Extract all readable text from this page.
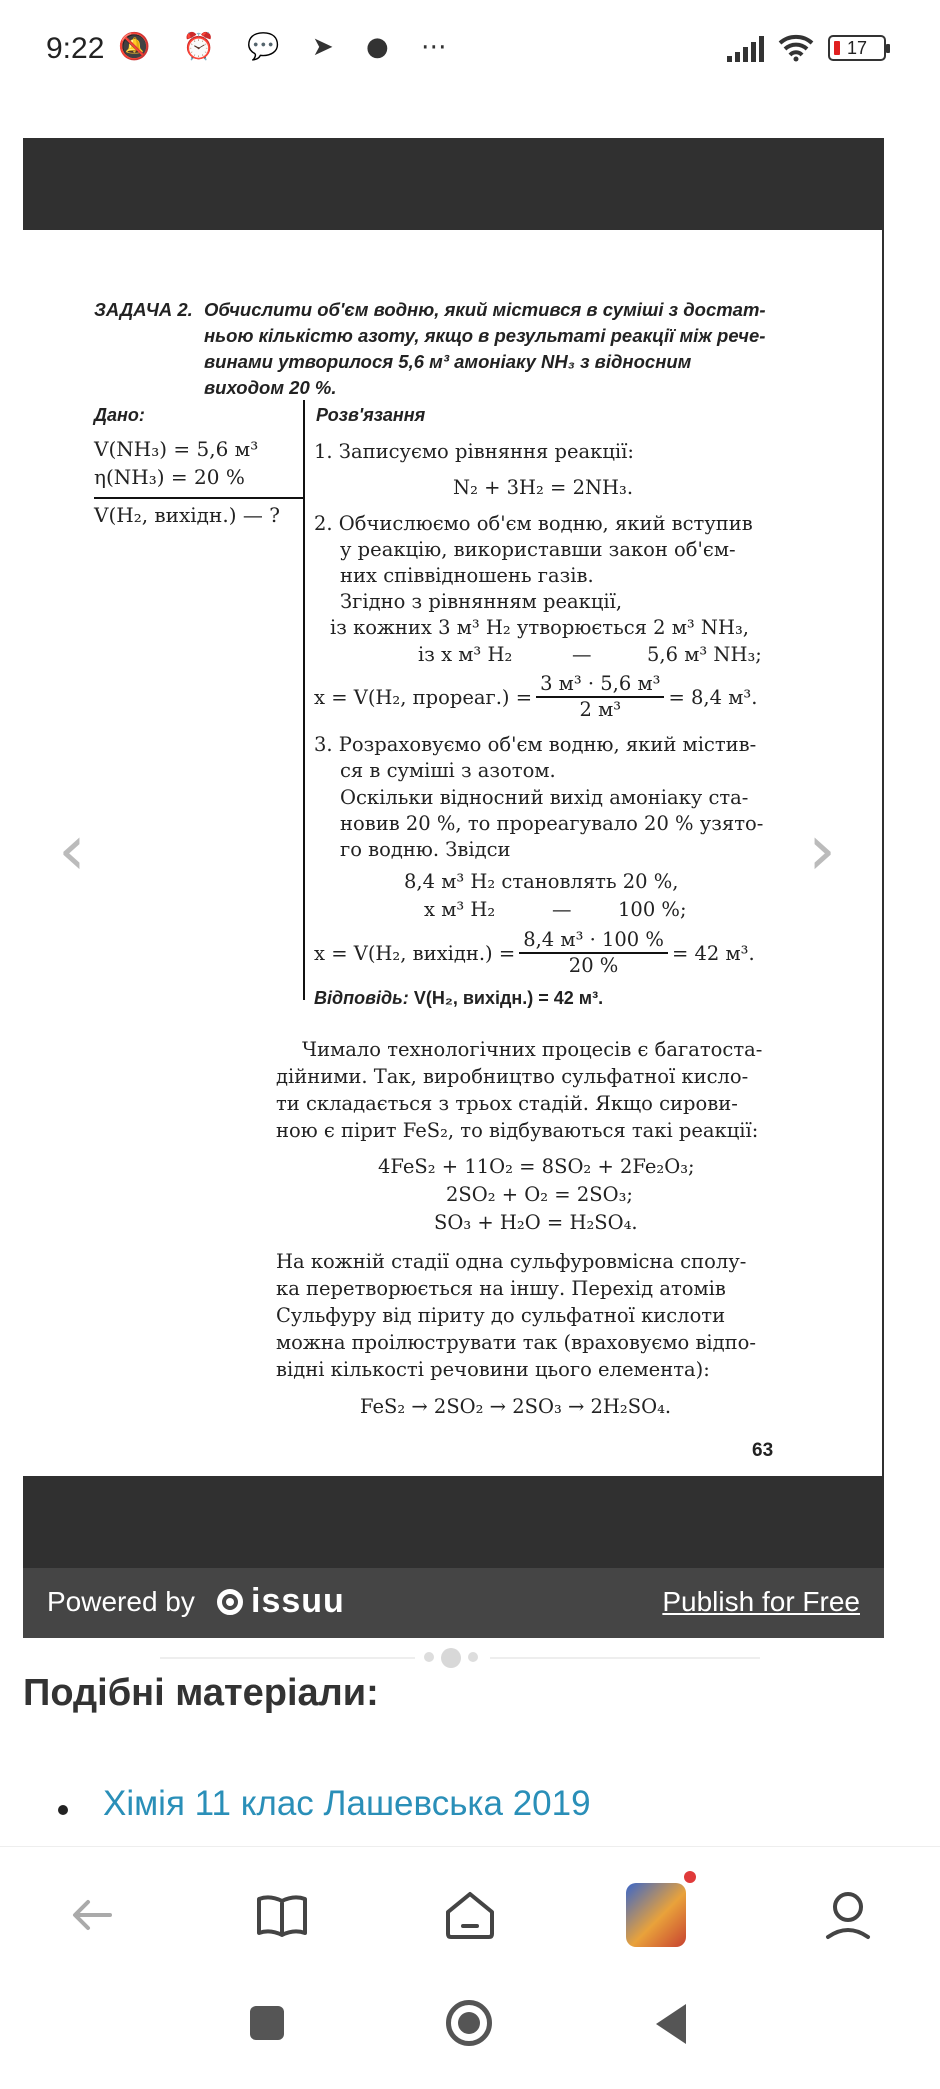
9:22 🔕 ⏰ 💬 ➤ ● ⋯	17
Powered by issuu	Publish for Free
‹	›
ЗАДАЧА 2. Обчислити об'єм водню, який містився в суміші з достат-
ньою кількістю азоту, якщо в результаті реакції між рече-
винами утворилося 5,6 м³ амоніаку NH₃ з відносним
виходом 20 %.
Дано:	Розв'язання
V(NH₃) = 5,6 м³
η(NH₃) = 20 %
V(H₂, вихідн.) — ?
1. Записуємо рівняння реакції:
N₂ + 3H₂ = 2NH₃.
2. Обчислюємо об'єм водню, який вступив
у реакцію, використавши закон об'єм-
них співвідношень газів.
Згідно з рівнянням реакції,
із кожних 3 м³ H₂ утворюється 2 м³ NH₃,
із x м³ H₂	—	5,6 м³ NH₃;
x = V(H₂, прореаг.) = $\frac{\text{3 м³ · 5,6 м³}}{\text{2 м³}} = 8,4$ м³.
3. Розраховуємо об'єм водню, який містив-
ся в суміші з азотом.
Оскільки відносний вихід амоніаку ста-
новив 20 %, то прореагувало 20 % узято-
го водню. Звідси
8,4 м³ H₂ становлять 20 %,
x м³ H₂	— 100 %;
x = V(H₂, вихідн.) = $\frac{\text{8,4 м³ · 100 \%}}{20 \%} = 42$ м³.
Відповідь: V(H₂, вихідн.) = 42 м³.
Чимало технологічних процесів є багатоста-
дійними. Так, виробництво сульфатної кисло-
ти складається з трьох стадій. Якщо сирови-
ною є пірит FeS₂, то відбуваються такі реакції:
4FeS₂ + 11O₂ = 8SO₂ + 2Fe₂O₃;
2SO₂ + O₂ = 2SO₃;
SO₃ + H₂O = H₂SO₄.
На кожній стадії одна сульфуровмісна сполу-
ка перетворюється на іншу. Перехід атомів
Сульфуру від піриту до сульфатної кислоти
можна проілюструвати так (враховуємо відпо-
відні кількості речовини цього елемента):
FeS₂ → 2SO₂ → 2SO₃ → 2H₂SO₄.
63
Подібні матеріали:
Хімія 11 клас Лашевська 2019
